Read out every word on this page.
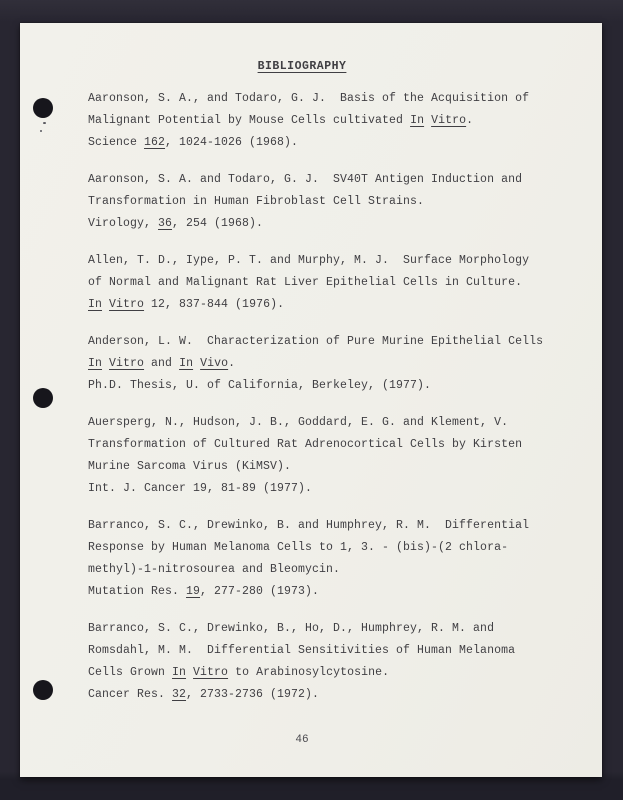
BIBLIOGRAPHY
Aaronson, S. A., and Todaro, G. J.  Basis of the Acquisition of
Malignant Potential by Mouse Cells cultivated In Vitro.
Science 162, 1024-1026 (1968).
Aaronson, S. A. and Todaro, G. J.  SV40T Antigen Induction and
Transformation in Human Fibroblast Cell Strains.
Virology, 36, 254 (1968).
Allen, T. D., Iype, P. T. and Murphy, M. J.  Surface Morphology
of Normal and Malignant Rat Liver Epithelial Cells in Culture.
In Vitro 12, 837-844 (1976).
Anderson, L. W.  Characterization of Pure Murine Epithelial Cells
In Vitro and In Vivo.
Ph.D. Thesis, U. of California, Berkeley, (1977).
Auersperg, N., Hudson, J. B., Goddard, E. G. and Klement, V.
Transformation of Cultured Rat Adrenocortical Cells by Kirsten
Murine Sarcoma Virus (KiMSV).
Int. J. Cancer 19, 81-89 (1977).
Barranco, S. C., Drewinko, B. and Humphrey, R. M.  Differential
Response by Human Melanoma Cells to 1, 3. - (bis)-(2 chlora-
methyl)-1-nitrosourea and Bleomycin.
Mutation Res. 19, 277-280 (1973).
Barranco, S. C., Drewinko, B., Ho, D., Humphrey, R. M. and
Romsdahl, M. M.  Differential Sensitivities of Human Melanoma
Cells Grown In Vitro to Arabinosylcytosine.
Cancer Res. 32, 2733-2736 (1972).
46
